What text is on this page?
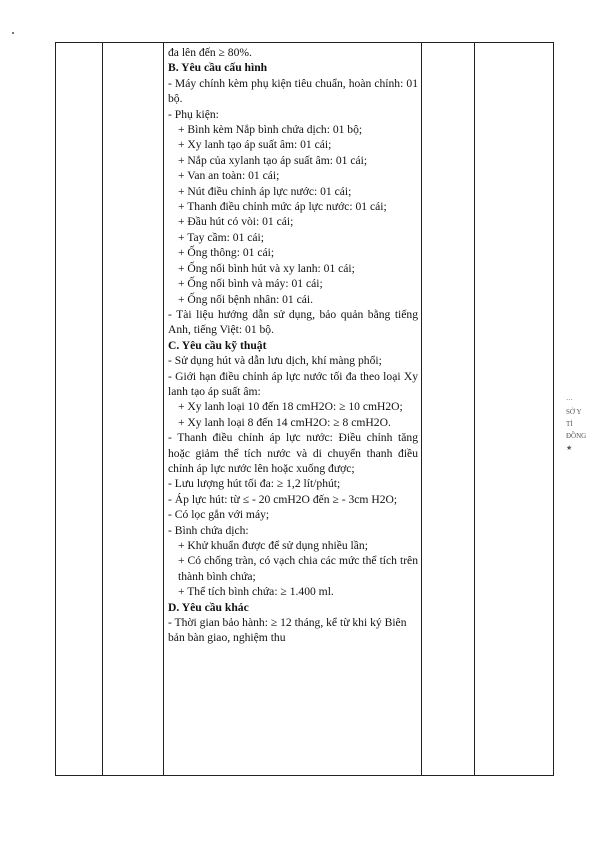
đa lên đến ≥ 80%.

B. Yêu cầu cấu hình

- Máy chính kèm phụ kiện tiêu chuẩn, hoàn chỉnh: 01 bộ.

- Phụ kiện:

+ Bình kèm Nắp bình chứa dịch: 01 bộ;

+ Xy lanh tạo áp suất âm: 01 cái;

+ Nắp của xylanh tạo áp suất âm: 01 cái;

+ Van an toàn: 01 cái;

+ Nút điều chỉnh áp lực nước: 01 cái;

+ Thanh điều chỉnh mức áp lực nước: 01 cái;

+ Đầu hút có vòi: 01 cái;

+ Tay cầm: 01 cái;

+ Ống thông: 01 cái;

+ Ống nối bình hút và xy lanh: 01 cái;

+ Ống nối bình và máy: 01 cái;

+ Ống nối bệnh nhân: 01 cái.

- Tài liệu hướng dẫn sử dụng, bảo quản bằng tiếng Anh, tiếng Việt: 01 bộ.

C. Yêu cầu kỹ thuật

- Sử dụng hút và dẫn lưu dịch, khí màng phổi;

- Giới hạn điều chỉnh áp lực nước tối đa theo loại Xy lanh tạo áp suất âm:

+ Xy lanh loại 10 đến 18 cmH2O: ≥ 10 cmH2O;

+ Xy lanh loại 8 đến 14 cmH2O: ≥ 8 cmH2O.

- Thanh điều chỉnh áp lực nước: Điều chỉnh tăng hoặc giảm thể tích nước và di chuyển thanh điều chỉnh áp lực nước lên hoặc xuống được;

- Lưu lượng hút tối đa: ≥ 1,2 lít/phút;

- Áp lực hút: từ ≤ - 20 cmH2O đến ≥ - 3cm H2O;

- Có lọc gắn với máy;

- Bình chứa dịch:

+ Khử khuẩn được để sử dụng nhiều lần;

+ Có chống tràn, có vạch chia các mức thể tích trên thành bình chứa;

+ Thể tích bình chứa: ≥ 1.400 ml.

D. Yêu cầu khác

- Thời gian bảo hành: ≥ 12 tháng, kể từ khi ký Biên bản bàn giao, nghiệm thu

···
SỞ Y
TỈ
ĐỒNG
★
